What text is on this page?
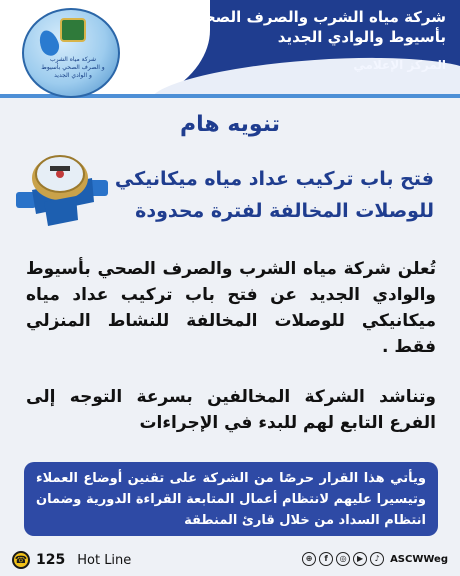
شركة مياه الشرب
و الصرف الصحي بأسيوط
و الوادي الجديد
شركة مياه الشرب والصرف الصحي
بأسيوط والوادي الجديد
المركز الإعلامي
تنويه هام
فتح باب تركيب عداد مياه ميكانيكي
للوصلات المخالفة لفترة محدودة
تُعلن شركة مياه الشرب والصرف الصحي بأسيوط والوادي الجديد عن فتح باب تركيب عداد مياه ميكانيكي للوصلات المخالفة للنشاط المنزلي فقط .
وتناشد الشركة المخالفين بسرعة التوجه إلى الفرع التابع لهم للبدء في الإجراءات
ويأتي هذا القرار حرصًا من الشركة على تقنين أوضاع العملاء وتيسيرا عليهم لانتظام أعمال المتابعة القراءة الدورية وضمان انتظام السداد من خلال قارئ المنطقة
☎ 125 Hot Line	⊕	f	◎	▶	♪	ASCWWeg
